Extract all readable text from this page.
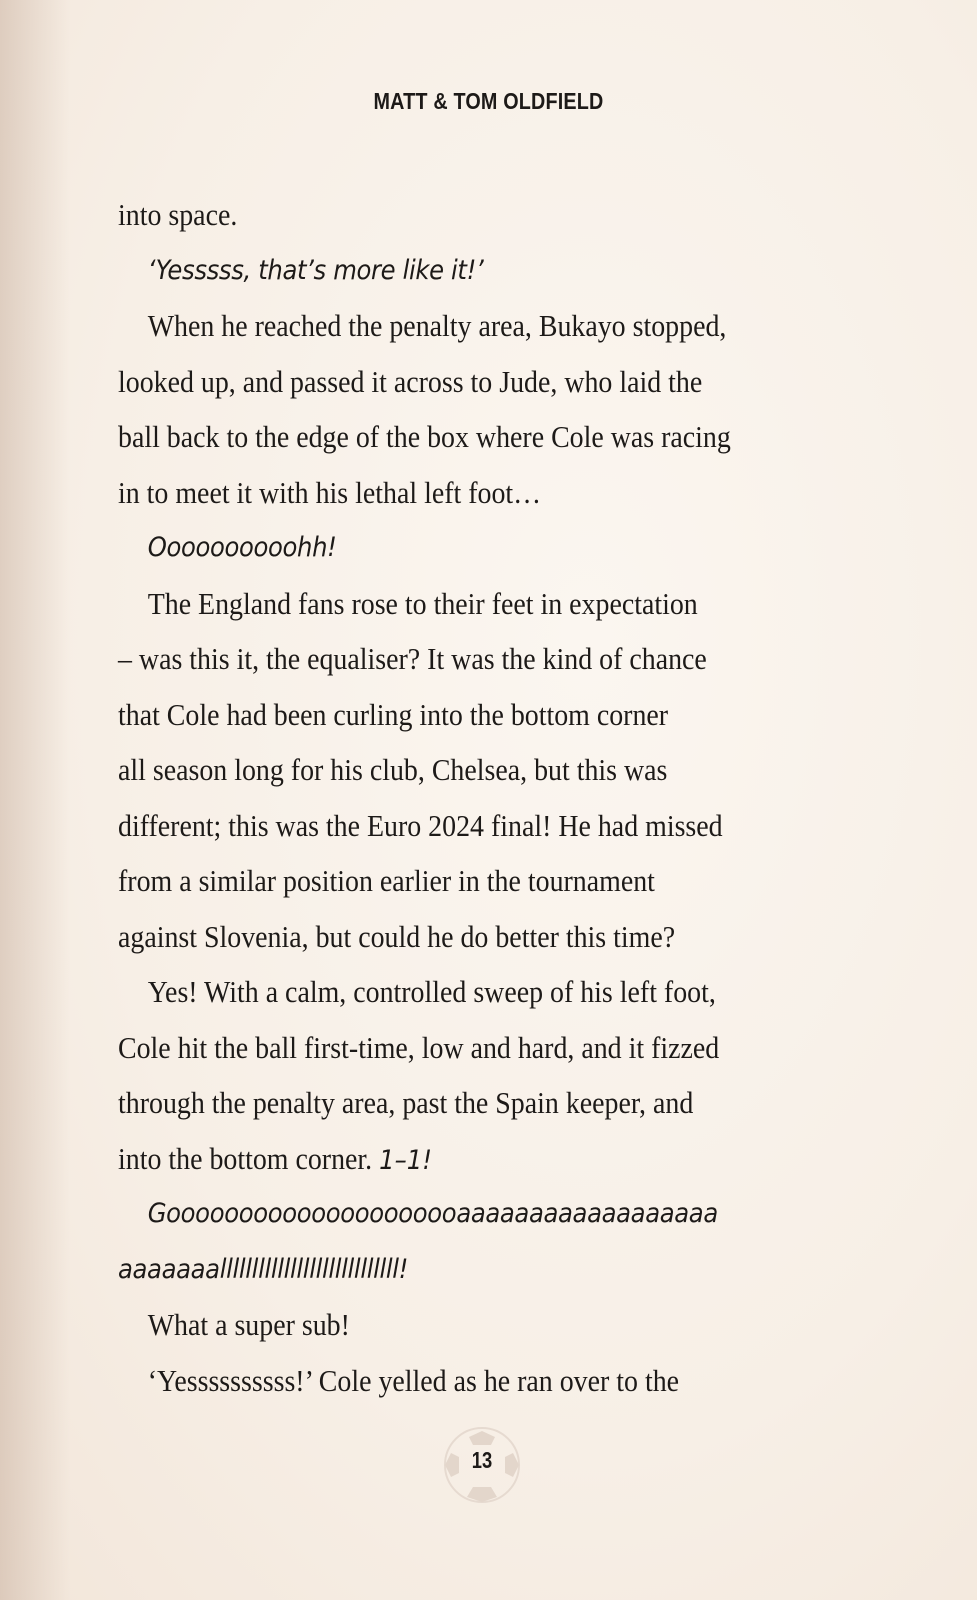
MATT & TOM OLDFIELD
into space.
‘Yesssss, that’s more like it!’
When he reached the penalty area, Bukayo stopped,
looked up, and passed it across to Jude, who laid the
ball back to the edge of the box where Cole was racing
in to meet it with his lethal left foot…
Oooooooooohh!
The England fans rose to their feet in expectation
– was this it, the equaliser? It was the kind of chance
that Cole had been curling into the bottom corner
all season long for his club, Chelsea, but this was
different; this was the Euro 2024 final! He had missed
from a similar position earlier in the tournament
against Slovenia, but could he do better this time?
Yes! With a calm, controlled sweep of his left foot,
Cole hit the ball first-time, low and hard, and it fizzed
through the penalty area, past the Spain keeper, and
into the bottom corner. 1–1!
Gooooooooooooooooooooaaaaaaaaaaaaaaaaaa
aaaaaaallllllllllllllllllllllllllll!
What a super sub!
‘Yessssssssss!’ Cole yelled as he ran over to the
13
